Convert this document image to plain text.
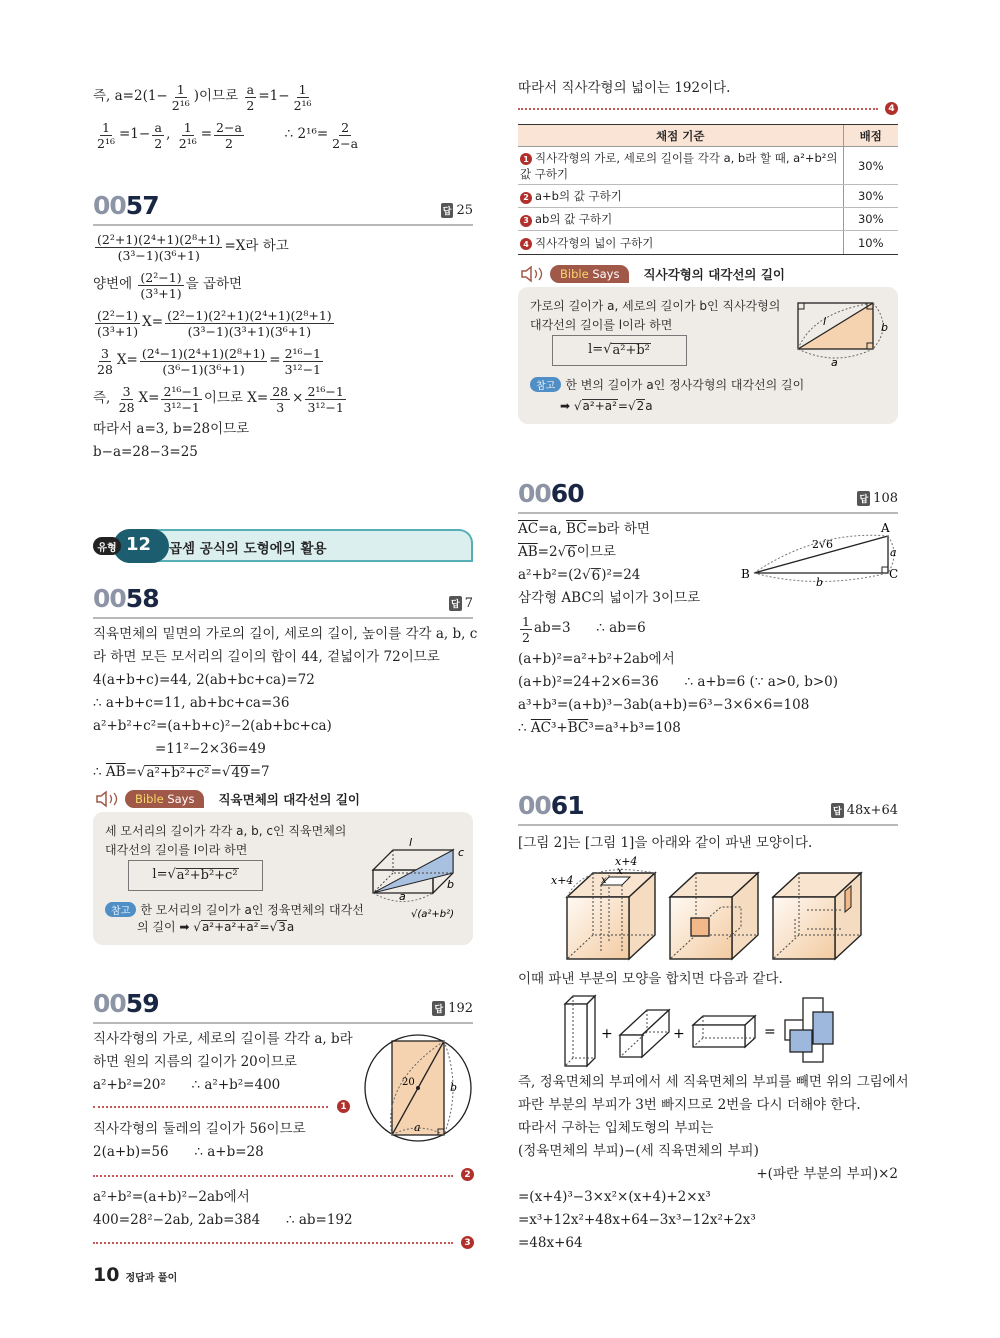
즉, $a=2(1- \frac{1}{\text{2¹⁶}}$ )이므로 $\frac{a}{2} =1- \frac{1}{\text{2¹⁶}}$
$\frac{1}{\text{2¹⁶}} =1- \frac{a}{2}$ , $\frac{1}{\text{2¹⁶}} = \frac{2-a}{2}$ ∴ $2^{16}= \frac{2}{2-a}$
0057	답 25
$\frac{\text{(2²+1)(2⁴+1)(2⁸+1)}}{\text{(3³−1)(3⁶+1)}} =X$라 하고
양변에 $\frac{\text{(2²−1)}}{\text{(3³+1)}}$ 을 곱하면
$\frac{\text{(2²−1)}}{\text{(3³+1)}} X= \frac{\text{(2²−1)(2²+1)(2⁴+1)(2⁸+1)}}{\text{(3³−1)(3³+1)(3⁶+1)}}$
$\frac{3}{28} X= \frac{\text{(2⁴−1)(2⁴+1)(2⁸+1)}}{\text{(3⁶−1)(3⁶+1)}} = \frac{\text{2¹⁶−1}}{\text{3¹²−1}}$
즉, $\frac{3}{28} X= \frac{\text{2¹⁶−1}}{\text{3¹²−1}}$ 이므로 $X= \frac{28}{3} \times \frac{\text{2¹⁶−1}}{\text{3¹²−1}}$
따라서 a=3, b=28이므로
b−a=28−3=25
유형 12 곱셈 공식의 도형에의 활용
0058	답 7
직육면체의 밑면의 가로의 길이, 세로의 길이, 높이를 각각 a, b, c
라 하면 모든 모서리의 길이의 합이 44, 겉넓이가 72이므로
4(a+b+c)=44, 2(ab+bc+ca)=72
∴ a+b+c=11, ab+bc+ca=36
a²+b²+c²=(a+b+c)²−2(ab+bc+ca)
=11²−2×36=49
∴ $\overline{AB}$ = √ a²+b²+c² = √ 49 =7
Bible Says	직육면체의 대각선의 길이
세 모서리의 길이가 각각 a, b, c인 직육면체의
대각선의 길이를 l이라 하면
l= √ a²+b²+c²
참고 한 모서리의 길이가 a인 정육면체의 대각선
의 길이 ➡ √ a²+a²+a² = √ 3 a
l
c
b
a
√(a²+b²)
0059	답 192
직사각형의 가로, 세로의 길이를 각각 a, b라
하면 원의 지름의 길이가 20이므로
a²+b²=20²      ∴ a²+b²=400
1
직사각형의 둘레의 길이가 56이므로
2(a+b)=56      ∴ a+b=28
2
a²+b²=(a+b)²−2ab에서
400=28²−2ab, 2ab=384      ∴ ab=192
3
20	b
a
10 정답과 풀이
따라서 직사각형의 넓이는 192이다.
4
채점 기준	배점
1 직사각형의 가로, 세로의 길이를 각각 a, b라 할 때, a²+b²의 값 구하기	30%
2 a+b의 값 구하기	30%
3 ab의 값 구하기	30%
4 직사각형의 넓이 구하기	10%
Bible Says	직사각형의 대각선의 길이
가로의 길이가 a, 세로의 길이가 b인 직사각형의
대각선의 길이를 l이라 하면
l= √ a²+b²
참고 한 변의 길이가 a인 정사각형의 대각선의 길이
➡ √ a²+a² = √ 2 a
l	b
a
0060	답 108
$\overline{AC} =a$, $\overline{BC} =b$라 하면
$\overline{AB} =2$ √ 6 이므로
a²+b²=(2 √ 6 )²=24
삼각형 ABC의 넓이가 3이므로
$\frac{1}{2} ab=3$      ∴ ab=6
(a+b)²=a²+b²+2ab에서
(a+b)²=24+2×6=36      ∴ a+b=6 (∵ a>0, b>0)
a³+b³=(a+b)³−3ab(a+b)=6³−3×6×6=108
∴ $\overline{AC}$ $^3+ \overline{BC}$ ³=a³+b³=108
A
B	C
a
b
2√6
0061	답 48x+64
[그림 2]는 [그림 1]을 아래와 같이 파낸 모양이다.
x+4
x+4	x
x
이때 파낸 부분의 모양을 합치면 다음과 같다.
+	+	=
즉, 정육면체의 부피에서 세 직육면체의 부피를 빼면 위의 그림에서
파란 부분의 부피가 3번 빠지므로 2번을 다시 더해야 한다.
따라서 구하는 입체도형의 부피는
(정육면체의 부피)−(세 직육면체의 부피)
+(파란 부분의 부피)×2
=(x+4)³−3×x²×(x+4)+2×x³
=x³+12x²+48x+64−3x³−12x²+2x³
=48x+64
